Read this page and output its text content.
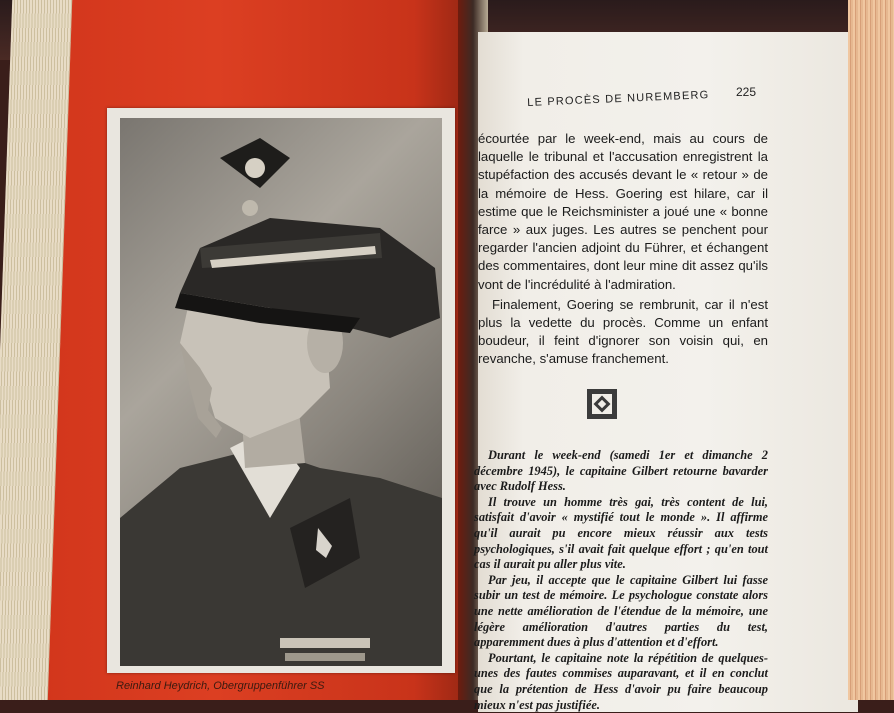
Reinhard Heydrich, Obergruppenführer SS
LE PROCÈS DE NUREMBERG 225

écourtée par le week-end, mais au cours de laquelle le tribunal et l'accusation enregistrent la stupéfaction des accusés devant le « retour » de la mémoire de Hess. Goering est hilare, car il estime que le Reichsminister a joué une « bonne farce » aux juges. Les autres se penchent pour regarder l'ancien adjoint du Führer, et échangent des commentaires, dont leur mine dit assez qu'ils vont de l'incrédulité à l'admiration.

Finalement, Goering se rembrunit, car il n'est plus la vedette du procès. Comme un enfant boudeur, il feint d'ignorer son voisin qui, en revanche, s'amuse franchement.

Durant le week-end (samedi 1er et dimanche 2 décembre 1945), le capitaine Gilbert retourne bavarder avec Rudolf Hess.

Il trouve un homme très gai, très content de lui, satisfait d'avoir « mystifié tout le monde ». Il affirme qu'il aurait pu encore mieux réussir aux tests psychologiques, s'il avait fait quelque effort ; qu'en tout cas il aurait pu aller plus vite.

Par jeu, il accepte que le capitaine Gilbert lui fasse subir un test de mémoire. Le psychologue constate alors une nette amélioration de l'étendue de la mémoire, une légère amélioration d'autres parties du test, apparemment dues à plus d'attention et d'effort.

Pourtant, le capitaine note la répétition de quelques-unes des fautes commises auparavant, et il en conclut que la prétention de Hess d'avoir pu faire beaucoup mieux n'est pas justifiée.
